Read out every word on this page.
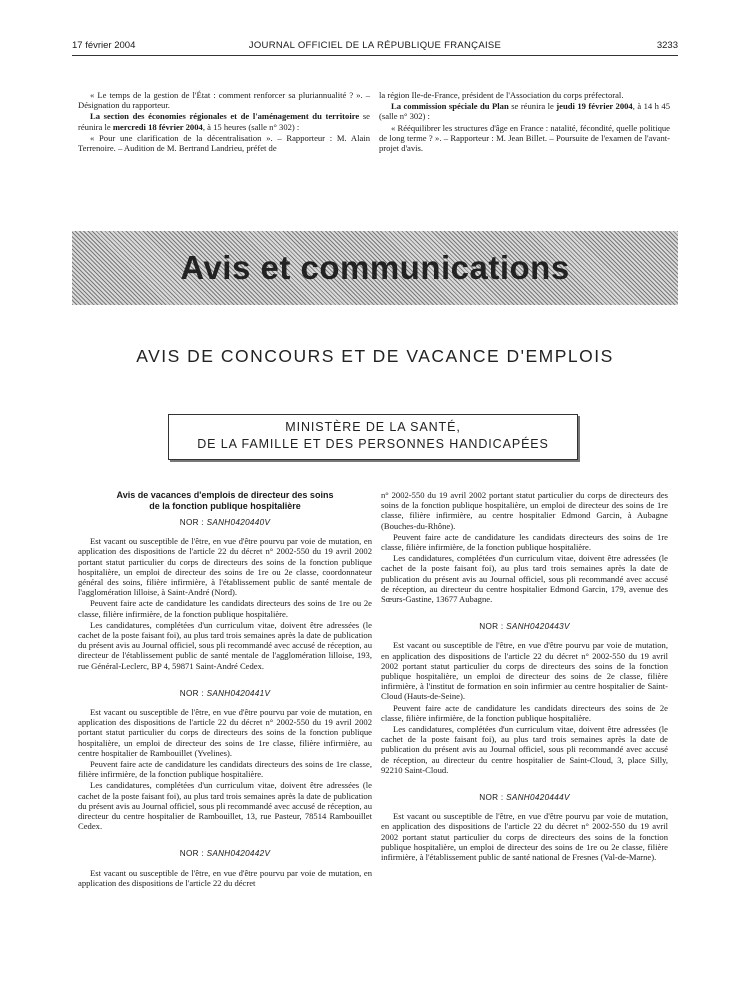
17 février 2004	JOURNAL OFFICIEL DE LA RÉPUBLIQUE FRANÇAISE	3233

« Le temps de la gestion de l'État : comment renforcer sa pluriannualité ? ». – Désignation du rapporteur.

La section des économies régionales et de l'aménagement du territoire se réunira le mercredi 18 février 2004, à 15 heures (salle n° 302) :

« Pour une clarification de la décentralisation ». – Rapporteur : M. Alain Terrenoire. – Audition de M. Bertrand Landrieu, préfet de

la région Ile-de-France, président de l'Association du corps préfectoral.

La commission spéciale du Plan se réunira le jeudi 19 février 2004, à 14 h 45 (salle n° 302) :

« Rééquilibrer les structures d'âge en France : natalité, fécondité, quelle politique de long terme ? ». – Rapporteur : M. Jean Billet. – Poursuite de l'examen de l'avant-projet d'avis.

Avis et communications
AVIS DE CONCOURS ET DE VACANCE D'EMPLOIS
MINISTÈRE DE LA SANTÉ,
DE LA FAMILLE ET DES PERSONNES HANDICAPÉES
Avis de vacances d'emplois de directeur des soins
de la fonction publique hospitalière
NOR : SANH0420440V

Est vacant ou susceptible de l'être, en vue d'être pourvu par voie de mutation, en application des dispositions de l'article 22 du décret n° 2002-550 du 19 avril 2002 portant statut particulier du corps de directeurs des soins de la fonction publique hospitalière, un emploi de directeur des soins de 1re ou 2e classe, coordonnateur général des soins, filière infirmière, à l'établissement public de santé mentale de l'agglomération lilloise, à Saint-André (Nord).

Peuvent faire acte de candidature les candidats directeurs des soins de 1re ou 2e classe, filière infirmière, de la fonction publique hospitalière.

Les candidatures, complétées d'un curriculum vitae, doivent être adressées (le cachet de la poste faisant foi), au plus tard trois semaines après la date de publication du présent avis au Journal officiel, sous pli recommandé avec accusé de réception, au directeur de l'établissement public de santé mentale de l'agglomération lilloise, 193, rue Général-Leclerc, BP 4, 59871 Saint-André Cedex.

NOR : SANH0420441V

Est vacant ou susceptible de l'être, en vue d'être pourvu par voie de mutation, en application des dispositions de l'article 22 du décret n° 2002-550 du 19 avril 2002 portant statut particulier du corps de directeurs des soins de la fonction publique hospitalière, un emploi de directeur des soins de 1re classe, filière infirmière, au centre hospitalier de Rambouillet (Yvelines).

Peuvent faire acte de candidature les candidats directeurs des soins de 1re classe, filière infirmière, de la fonction publique hospitalière.

Les candidatures, complétées d'un curriculum vitae, doivent être adressées (le cachet de la poste faisant foi), au plus tard trois semaines après la date de publication du présent avis au Journal officiel, sous pli recommandé avec accusé de réception, au directeur du centre hospitalier de Rambouillet, 13, rue Pasteur, 78514 Rambouillet Cedex.

NOR : SANH0420442V

Est vacant ou susceptible de l'être, en vue d'être pourvu par voie de mutation, en application des dispositions de l'article 22 du décret

n° 2002-550 du 19 avril 2002 portant statut particulier du corps de directeurs des soins de la fonction publique hospitalière, un emploi de directeur des soins de 1re classe, filière infirmière, au centre hospitalier Edmond Garcin, à Aubagne (Bouches-du-Rhône).

Peuvent faire acte de candidature les candidats directeurs des soins de 1re classe, filière infirmière, de la fonction publique hospitalière.

Les candidatures, complétées d'un curriculum vitae, doivent être adressées (le cachet de la poste faisant foi), au plus tard trois semaines après la date de publication du présent avis au Journal officiel, sous pli recommandé avec accusé de réception, au directeur du centre hospitalier Edmond Garcin, 179, avenue des Sœurs-Gastine, 13677 Aubagne.

NOR : SANH0420443V

Est vacant ou susceptible de l'être, en vue d'être pourvu par voie de mutation, en application des dispositions de l'article 22 du décret n° 2002-550 du 19 avril 2002 portant statut particulier du corps de directeurs des soins de la fonction publique hospitalière, un emploi de directeur des soins de 2e classe, filière infirmière, à l'institut de formation en soin infirmier au centre hospitalier de Saint-Cloud (Hauts-de-Seine).

Peuvent faire acte de candidature les candidats directeurs des soins de 2e classe, filière infirmière, de la fonction publique hospitalière.

Les candidatures, complétées d'un curriculum vitae, doivent être adressées (le cachet de la poste faisant foi), au plus tard trois semaines après la date de publication du présent avis au Journal officiel, sous pli recommandé avec accusé de réception, au directeur du centre hospitalier de Saint-Cloud, 3, place Silly, 92210 Saint-Cloud.

NOR : SANH0420444V

Est vacant ou susceptible de l'être, en vue d'être pourvu par voie de mutation, en application des dispositions de l'article 22 du décret n° 2002-550 du 19 avril 2002 portant statut particulier du corps de directeurs des soins de la fonction publique hospitalière, un emploi de directeur des soins de 1re ou 2e classe, filière infirmière, à l'établissement public de santé national de Fresnes (Val-de-Marne).
